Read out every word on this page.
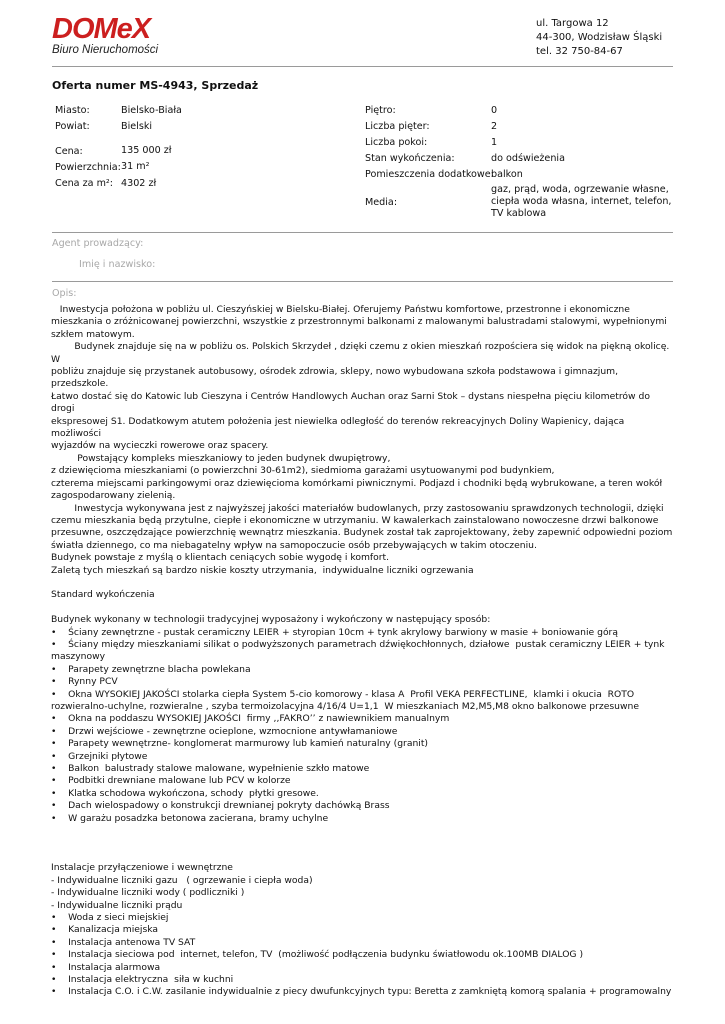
DOMeX
Biuro Nieruchomości
ul. Targowa 12
44-300, Wodzisław Śląski
tel. 32 750-84-67
Oferta numer MS-4943, Sprzedaż
Miasto:	Bielsko-Biała
Powiat:	Bielski
Cena:	135 000 zł
Powierzchnia: 31 m²
Cena za m²: 4302 zł
Piętro:	0
Liczba pięter:	2
Liczba pokoi:	1
Stan wykończenia:	do odświeżenia
Pomieszczenia dodatkowe:
balkon
Media:
gaz, prąd, woda, ogrzewanie własne,
ciepła woda własna, internet, telefon,
TV kablowa
Agent prowadzący:
Imię i nazwisko:
Opis:

Inwestycja położona w pobliżu ul. Cieszyńskiej w Bielsku-Białej. Oferujemy Państwu komfortowe, przestronne i ekonomiczne

mieszkania o zróżnicowanej powierzchni, wszystkie z przestronnymi balkonami z malowanymi balustradami stalowymi, wypełnionymi

szkłem matowym.

Budynek znajduje się na w pobliżu os. Polskich Skrzydeł , dzięki czemu z okien mieszkań rozpościera się widok na piękną okolicę. W

pobliżu znajduje się przystanek autobusowy, ośrodek zdrowia, sklepy, nowo wybudowana szkoła podstawowa i gimnazjum, przedszkole.

Łatwo dostać się do Katowic lub Cieszyna i Centrów Handlowych Auchan oraz Sarni Stok – dystans niespełna pięciu kilometrów do drogi

ekspresowej S1. Dodatkowym atutem położenia jest niewielka odległość do terenów rekreacyjnych Doliny Wapienicy, dająca możliwości

wyjazdów na wycieczki rowerowe oraz spacery.

Powstający kompleks mieszkaniowy to jeden budynek dwupiętrowy,

z dziewięcioma mieszkaniami (o powierzchni 30-61m2), siedmioma garażami usytuowanymi pod budynkiem,

czterema miejscami parkingowymi oraz dziewięcioma komórkami piwnicznymi. Podjazd i chodniki będą wybrukowane, a teren wokół

zagospodarowany zielenią.

Inwestycja wykonywana jest z najwyższej jakości materiałów budowlanych, przy zastosowaniu sprawdzonych technologii, dzięki

czemu mieszkania będą przytulne, ciepłe i ekonomiczne w utrzymaniu. W kawalerkach zainstalowano nowoczesne drzwi balkonowe

przesuwne, oszczędzające powierzchnię wewnątrz mieszkania. Budynek został tak zaprojektowany, żeby zapewnić odpowiedni poziom

światła dziennego, co ma niebagatelny wpływ na samopoczucie osób przebywających w takim otoczeniu.

Budynek powstaje z myślą o klientach ceniących sobie wygodę i komfort.

Zaletą tych mieszkań są bardzo niskie koszty utrzymania,  indywidualne liczniki ogrzewania

Standard wykończenia

Budynek wykonany w technologii tradycyjnej wyposażony i wykończony w następujący sposób:

•    Ściany zewnętrzne - pustak ceramiczny LEIER + styropian 10cm + tynk akrylowy barwiony w masie + boniowanie górą

•    Ściany między mieszkaniami silikat o podwyższonych parametrach dźwiękochłonnych, działowe  pustak ceramiczny LEIER + tynk

maszynowy

•    Parapety zewnętrzne blacha powlekana

•    Rynny PCV

•    Okna WYSOKIEJ JAKOŚCI stolarka ciepła System 5-cio komorowy - klasa A  Profil VEKA PERFECTLINE,  klamki i okucia  ROTO

rozwieralno-uchylne, rozwieralne , szyba termoizolacyjna 4/16/4 U=1,1  W mieszkaniach M2,M5,M8 okno balkonowe przesuwne

•    Okna na poddaszu WYSOKIEJ JAKOŚCI  firmy ,,FAKRO’’ z nawiewnikiem manualnym

•    Drzwi wejściowe - zewnętrzne ocieplone, wzmocnione antywłamaniowe

•    Parapety wewnętrzne- konglomerat marmurowy lub kamień naturalny (granit)

•    Grzejniki płytowe

•    Balkon  balustrady stalowe malowane, wypełnienie szkło matowe

•    Podbitki drewniane malowane lub PCV w kolorze

•    Klatka schodowa wykończona, schody  płytki gresowe.

•    Dach wielospadowy o konstrukcji drewnianej pokryty dachówką Brass

•    W garażu posadzka betonowa zacierana, bramy uchylne

Instalacje przyłączeniowe i wewnętrzne

- Indywidualne liczniki gazu   ( ogrzewanie i ciepła woda)

- Indywidualne liczniki wody ( podliczniki )

- Indywidualne liczniki prądu

•    Woda z sieci miejskiej

•    Kanalizacja miejska

•    Instalacja antenowa TV SAT

•    Instalacja sieciowa pod  internet, telefon, TV  (możliwość podłączenia budynku światłowodu ok.100MB DIALOG )

•    Instalacja alarmowa

•    Instalacja elektryczna  siła w kuchni

•    Instalacja C.O. i C.W. zasilanie indywidualnie z piecy dwufunkcyjnych typu: Beretta z zamkniętą komorą spalania + programowalny
